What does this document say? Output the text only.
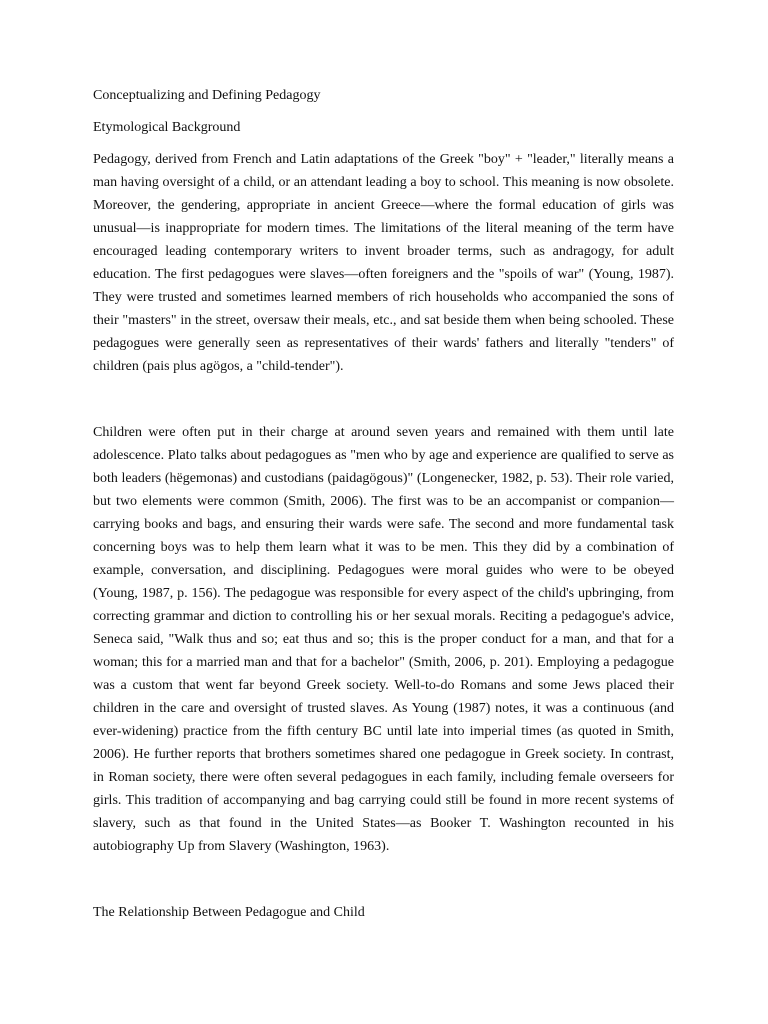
Conceptualizing and Defining Pedagogy

Etymological Background

Pedagogy, derived from French and Latin adaptations of the Greek "boy" + "leader," literally means a man having oversight of a child, or an attendant leading a boy to school. This meaning is now obsolete. Moreover, the gendering, appropriate in ancient Greece—where the formal education of girls was unusual—is inappropriate for modern times. The limitations of the literal meaning of the term have encouraged leading contemporary writers to invent broader terms, such as andragogy, for adult education. The first pedagogues were slaves—often foreigners and the "spoils of war" (Young, 1987). They were trusted and sometimes learned members of rich households who accompanied the sons of their "masters" in the street, oversaw their meals, etc., and sat beside them when being schooled. These pedagogues were generally seen as representatives of their wards' fathers and literally "tenders" of children (pais plus agögos, a "child-tender").

Children were often put in their charge at around seven years and remained with them until late adolescence. Plato talks about pedagogues as "men who by age and experience are qualified to serve as both leaders (hëgemonas) and custodians (paidagögous)" (Longenecker, 1982, p. 53). Their role varied, but two elements were common (Smith, 2006). The first was to be an accompanist or companion—carrying books and bags, and ensuring their wards were safe. The second and more fundamental task concerning boys was to help them learn what it was to be men. This they did by a combination of example, conversation, and disciplining. Pedagogues were moral guides who were to be obeyed (Young, 1987, p. 156). The pedagogue was responsible for every aspect of the child's upbringing, from correcting grammar and diction to controlling his or her sexual morals. Reciting a pedagogue's advice, Seneca said, "Walk thus and so; eat thus and so; this is the proper conduct for a man, and that for a woman; this for a married man and that for a bachelor" (Smith, 2006, p. 201). Employing a pedagogue was a custom that went far beyond Greek society. Well-to-do Romans and some Jews placed their children in the care and oversight of trusted slaves. As Young (1987) notes, it was a continuous (and ever-widening) practice from the fifth century BC until late into imperial times (as quoted in Smith, 2006). He further reports that brothers sometimes shared one pedagogue in Greek society. In contrast, in Roman society, there were often several pedagogues in each family, including female overseers for girls. This tradition of accompanying and bag carrying could still be found in more recent systems of slavery, such as that found in the United States—as Booker T. Washington recounted in his autobiography Up from Slavery (Washington, 1963).

The Relationship Between Pedagogue and Child
